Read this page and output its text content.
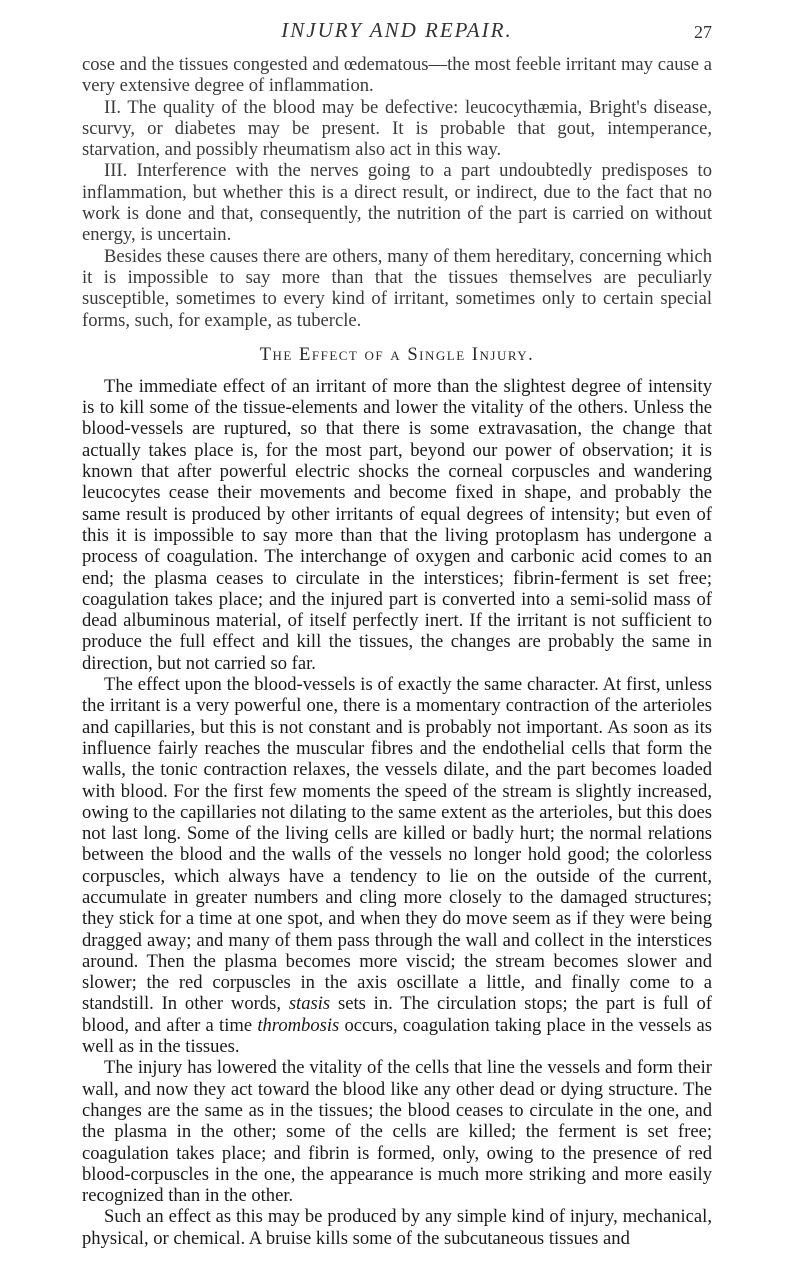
INJURY AND REPAIR.	27

cose and the tissues congested and œdematous—the most feeble irritant may cause a very extensive degree of inflammation.

II. The quality of the blood may be defective: leucocythæmia, Bright's disease, scurvy, or diabetes may be present. It is probable that gout, intemperance, starvation, and possibly rheumatism also act in this way.

III. Interference with the nerves going to a part undoubtedly predisposes to inflammation, but whether this is a direct result, or indirect, due to the fact that no work is done and that, consequently, the nutrition of the part is carried on without energy, is uncertain.

Besides these causes there are others, many of them hereditary, concerning which it is impossible to say more than that the tissues themselves are peculiarly susceptible, sometimes to every kind of irritant, sometimes only to certain special forms, such, for example, as tubercle.

The Effect of a Single Injury.

The immediate effect of an irritant of more than the slightest degree of intensity is to kill some of the tissue-elements and lower the vitality of the others. Unless the blood-vessels are ruptured, so that there is some extravasation, the change that actually takes place is, for the most part, beyond our power of observation; it is known that after powerful electric shocks the corneal corpuscles and wandering leucocytes cease their movements and become fixed in shape, and probably the same result is produced by other irritants of equal degrees of intensity; but even of this it is impossible to say more than that the living protoplasm has undergone a process of coagulation. The interchange of oxygen and carbonic acid comes to an end; the plasma ceases to circulate in the interstices; fibrin-ferment is set free; coagulation takes place; and the injured part is converted into a semi-solid mass of dead albuminous material, of itself perfectly inert. If the irritant is not sufficient to produce the full effect and kill the tissues, the changes are probably the same in direction, but not carried so far.

The effect upon the blood-vessels is of exactly the same character. At first, unless the irritant is a very powerful one, there is a momentary contraction of the arterioles and capillaries, but this is not constant and is probably not important. As soon as its influence fairly reaches the muscular fibres and the endothelial cells that form the walls, the tonic contraction relaxes, the vessels dilate, and the part becomes loaded with blood. For the first few moments the speed of the stream is slightly increased, owing to the capillaries not dilating to the same extent as the arterioles, but this does not last long. Some of the living cells are killed or badly hurt; the normal relations between the blood and the walls of the vessels no longer hold good; the colorless corpuscles, which always have a tendency to lie on the outside of the current, accumulate in greater numbers and cling more closely to the damaged structures; they stick for a time at one spot, and when they do move seem as if they were being dragged away; and many of them pass through the wall and collect in the interstices around. Then the plasma becomes more viscid; the stream becomes slower and slower; the red corpuscles in the axis oscillate a little, and finally come to a standstill. In other words, stasis sets in. The circulation stops; the part is full of blood, and after a time thrombosis occurs, coagulation taking place in the vessels as well as in the tissues.

The injury has lowered the vitality of the cells that line the vessels and form their wall, and now they act toward the blood like any other dead or dying structure. The changes are the same as in the tissues; the blood ceases to circulate in the one, and the plasma in the other; some of the cells are killed; the ferment is set free; coagulation takes place; and fibrin is formed, only, owing to the presence of red blood-corpuscles in the one, the appearance is much more striking and more easily recognized than in the other.

Such an effect as this may be produced by any simple kind of injury, mechanical, physical, or chemical. A bruise kills some of the subcutaneous tissues and
